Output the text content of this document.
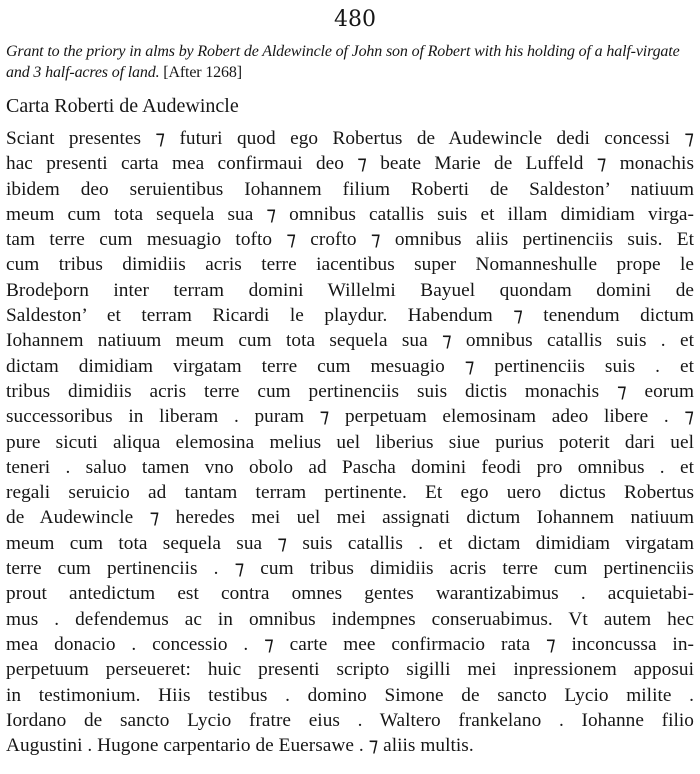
480
Grant to the priory in alms by Robert de Aldewincle of John son of Robert with his holding of a half-virgate and 3 half-acres of land. [After 1268]
Carta Roberti de Audewincle
Sciant presentes ⁊ futuri quod ego Robertus de Audewincle dedi concessi ⁊
hac presenti carta mea confirmaui deo ⁊ beate Marie de Luffeld ⁊ monachis
ibidem deo seruientibus Iohannem filium Roberti de Saldeston’ natiuum
meum cum tota sequela sua ⁊ omnibus catallis suis et illam dimidiam virga-
tam terre cum mesuagio tofto ⁊ crofto ⁊ omnibus aliis pertinenciis suis. Et
cum tribus dimidiis acris terre iacentibus super Nomanneshulle prope le
Brodeþorn inter terram domini Willelmi Bayuel quondam domini de
Saldeston’ et terram Ricardi le playdur. Habendum ⁊ tenendum dictum
Iohannem natiuum meum cum tota sequela sua ⁊ omnibus catallis suis . et
dictam dimidiam virgatam terre cum mesuagio ⁊ pertinenciis suis . et
tribus dimidiis acris terre cum pertinenciis suis dictis monachis ⁊ eorum
successoribus in liberam . puram ⁊ perpetuam elemosinam adeo libere . ⁊
pure sicuti aliqua elemosina melius uel liberius siue purius poterit dari uel
teneri . saluo tamen vno obolo ad Pascha domini feodi pro omnibus . et
regali seruicio ad tantam terram pertinente. Et ego uero dictus Robertus
de Audewincle ⁊ heredes mei uel mei assignati dictum Iohannem natiuum
meum cum tota sequela sua ⁊ suis catallis . et dictam dimidiam virgatam
terre cum pertinenciis . ⁊ cum tribus dimidiis acris terre cum pertinenciis
prout antedictum est contra omnes gentes warantizabimus . acquietabi-
mus . defendemus ac in omnibus indempnes conseruabimus. Vt autem hec
mea donacio . concessio . ⁊ carte mee confirmacio rata ⁊ inconcussa in-
perpetuum perseueret: huic presenti scripto sigilli mei inpressionem apposui
in testimonium. Hiis testibus . domino Simone de sancto Lycio milite .
Iordano de sancto Lycio fratre eius . Waltero frankelano . Iohanne filio
Augustini . Hugone carpentario de Euersawe . ⁊ aliis multis.
